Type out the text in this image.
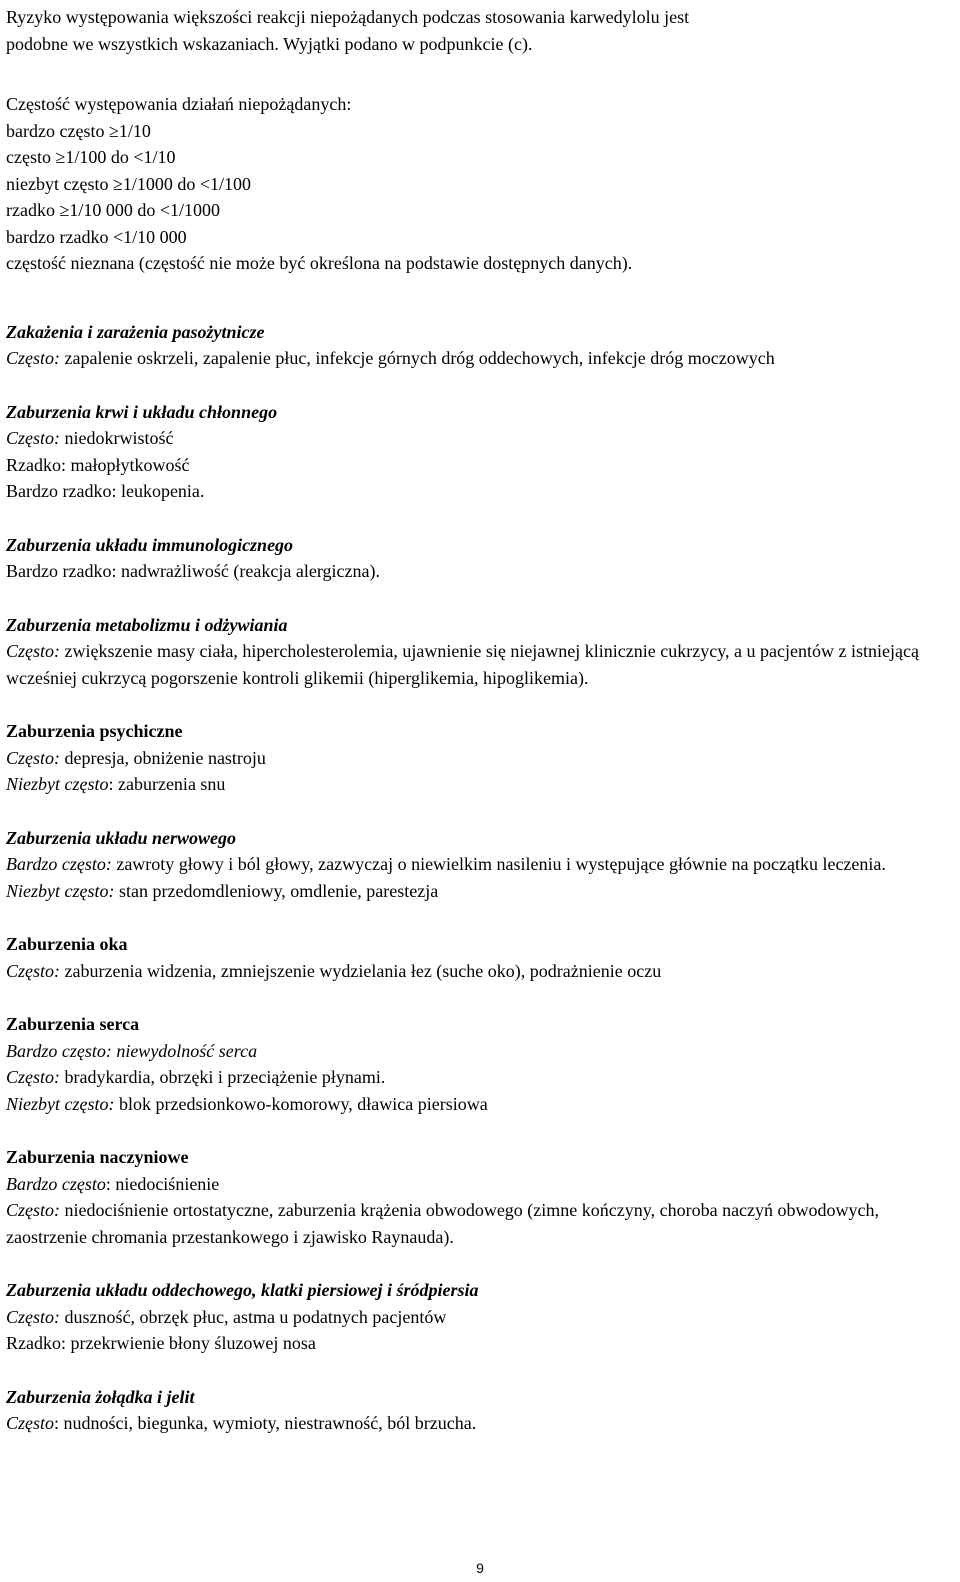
Ryzyko występowania większości reakcji niepożądanych podczas stosowania karwedylolu jest
podobne we wszystkich wskazaniach. Wyjątki podano w podpunkcie (c).
Częstość występowania działań niepożądanych:
bardzo często ≥1/10
często ≥1/100 do <1/10
niezbyt często ≥1/1000 do <1/100
rzadko ≥1/10 000 do <1/1000
bardzo rzadko <1/10 000
częstość nieznana (częstość nie może być określona na podstawie dostępnych danych).
Zakażenia i zarażenia pasożytnicze
Często: zapalenie oskrzeli, zapalenie płuc, infekcje górnych dróg oddechowych, infekcje dróg moczowych
Zaburzenia krwi i układu chłonnego
Często: niedokrwistość
Rzadko: małopłytkowość
Bardzo rzadko: leukopenia.
Zaburzenia układu immunologicznego
Bardzo rzadko: nadwrażliwość (reakcja alergiczna).
Zaburzenia metabolizmu i odżywiania
Często: zwiększenie masy ciała, hipercholesterolemia, ujawnienie się niejawnej klinicznie cukrzycy, a u pacjentów z istniejącą wcześniej cukrzycą pogorszenie kontroli glikemii (hiperglikemia, hipoglikemia).
Zaburzenia psychiczne
Często: depresja, obniżenie nastroju
Niezbyt często: zaburzenia snu
Zaburzenia układu nerwowego
Bardzo często: zawroty głowy i ból głowy, zazwyczaj o niewielkim nasileniu i występujące głównie na początku leczenia.
Niezbyt często: stan przedomdleniowy, omdlenie, parestezja
Zaburzenia oka
Często: zaburzenia widzenia, zmniejszenie wydzielania łez (suche oko), podrażnienie oczu
Zaburzenia serca
Bardzo często: niewydolność serca
Często: bradykardia, obrzęki i przeciążenie płynami.
Niezbyt często: blok przedsionkowo-komorowy, dławica piersiowa
Zaburzenia naczyniowe
Bardzo często: niedociśnienie
Często: niedociśnienie ortostatyczne, zaburzenia krążenia obwodowego (zimne kończyny, choroba naczyń obwodowych, zaostrzenie chromania przestankowego i zjawisko Raynauda).
Zaburzenia układu oddechowego, klatki piersiowej i śródpiersia
Często: duszność, obrzęk płuc, astma u podatnych pacjentów
Rzadko: przekrwienie błony śluzowej nosa
Zaburzenia żołądka i jelit
Często: nudności, biegunka, wymioty, niestrawność, ból brzucha.
9
